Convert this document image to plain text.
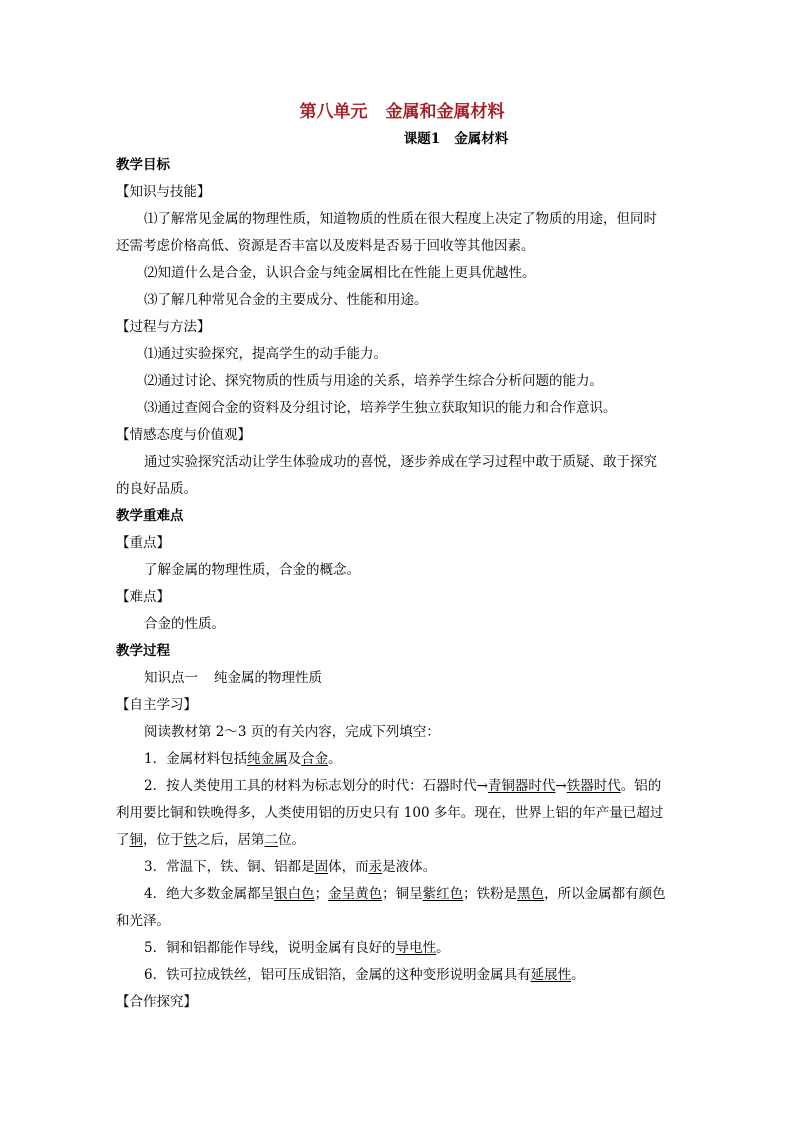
第八单元 金属和金属材料
课题1 金属材料
教学目标
【知识与技能】
⑴了解常见金属的物理性质，知道物质的性质在很大程度上决定了物质的用途，但同时
还需考虑价格高低、资源是否丰富以及废料是否易于回收等其他因素。
⑵知道什么是合金，认识合金与纯金属相比在性能上更具优越性。
⑶了解几种常见合金的主要成分、性能和用途。
【过程与方法】
⑴通过实验探究，提高学生的动手能力。
⑵通过讨论、探究物质的性质与用途的关系，培养学生综合分析问题的能力。
⑶通过查阅合金的资料及分组讨论，培养学生独立获取知识的能力和合作意识。
【情感态度与价值观】
通过实验探究活动让学生体验成功的喜悦，逐步养成在学习过程中敢于质疑、敢于探究
的良好品质。
教学重难点
【重点】
了解金属的物理性质，合金的概念。
【难点】
合金的性质。
教学过程
知识点一 纯金属的物理性质
【自主学习】
阅读教材第 2～3 页的有关内容，完成下列填空：
1．金属材料包括纯金属及合金。
2．按人类使用工具的材料为标志划分的时代：石器时代→青铜器时代→铁器时代。铝的
利用要比铜和铁晚得多，人类使用铝的历史只有 100 多年。现在，世界上铝的年产量已超过
了铜，位于铁之后，居第二位。
3．常温下，铁、铜、铝都是固体，而汞是液体。
4．绝大多数金属都呈银白色；金呈黄色；铜呈紫红色；铁粉是黑色，所以金属都有颜色
和光泽。
5．铜和铝都能作导线，说明金属有良好的导电性。
6．铁可拉成铁丝，铝可压成铝箔，金属的这种变形说明金属具有延展性。
【合作探究】
